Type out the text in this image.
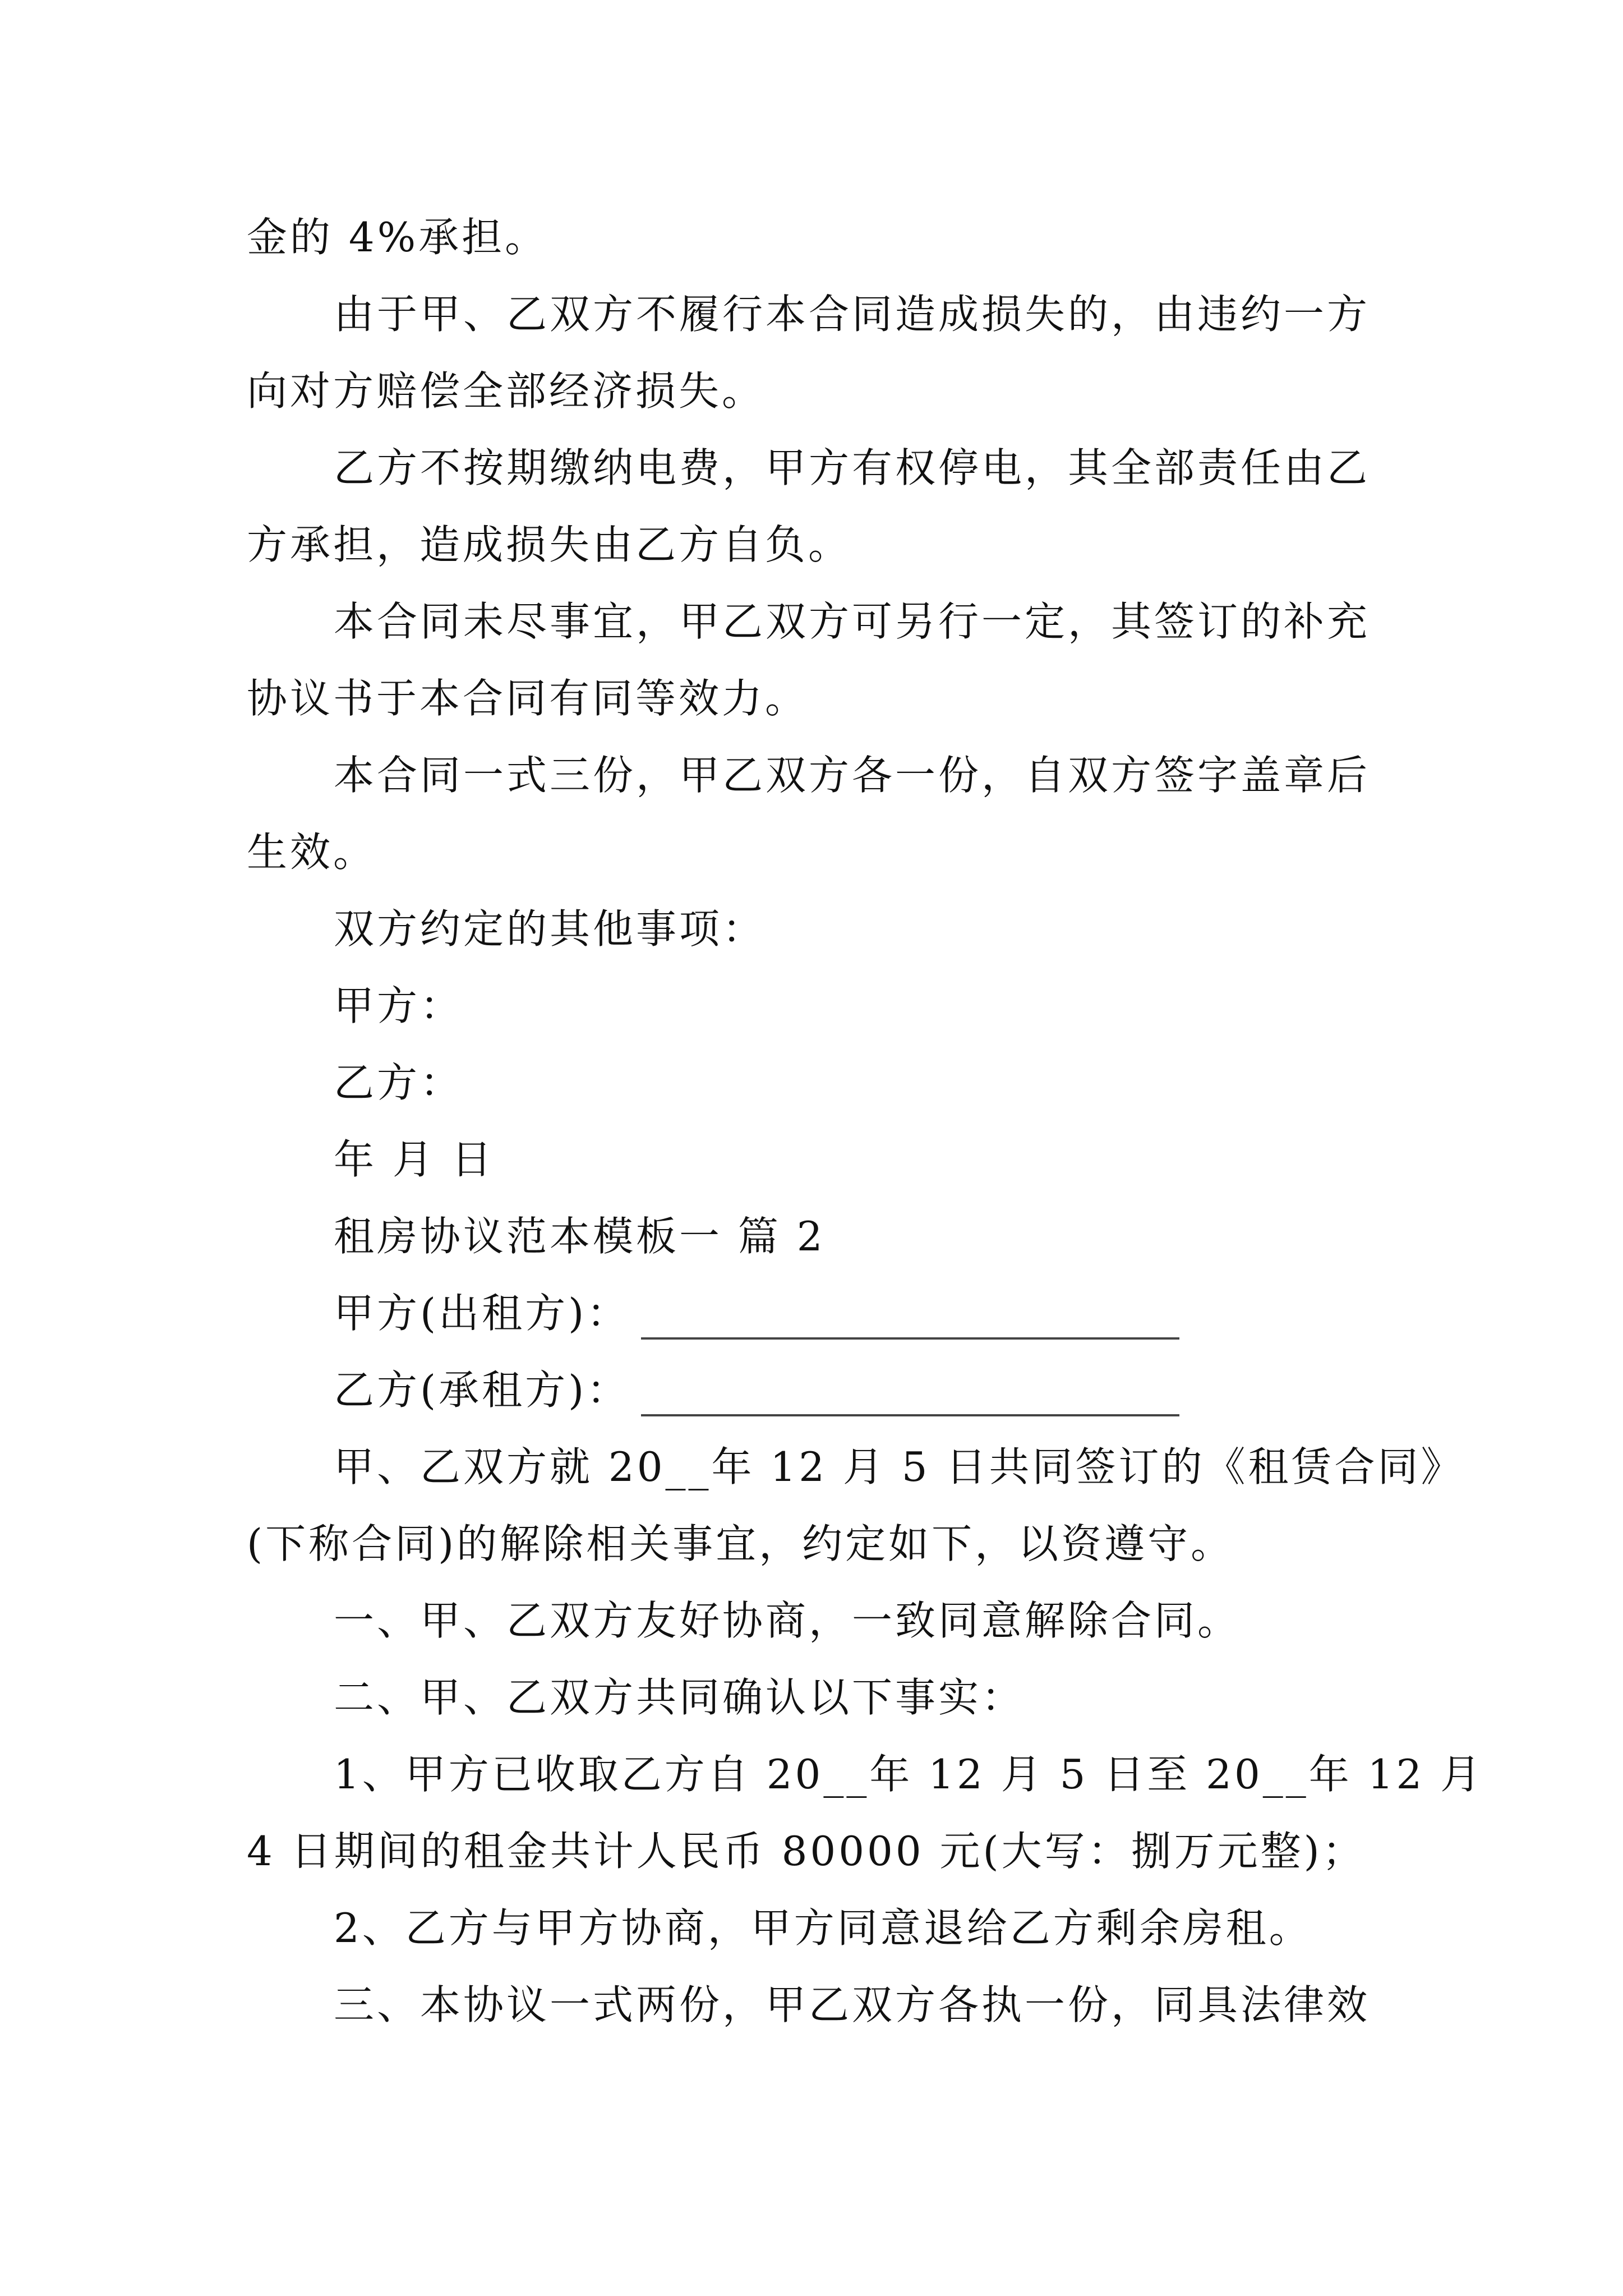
金的 4%承担。
由于甲、乙双方不履行本合同造成损失的，由违约一方
向对方赔偿全部经济损失。
乙方不按期缴纳电费，甲方有权停电，其全部责任由乙
方承担，造成损失由乙方自负。
本合同未尽事宜，甲乙双方可另行一定，其签订的补充
协议书于本合同有同等效力。
本合同一式三份，甲乙双方各一份，自双方签字盖章后
生效。
双方约定的其他事项：
甲方：
乙方：
年 月 日
租房协议范本模板一 篇 2
甲方(出租方)：
乙方(承租方)：
甲、乙双方就 20__年 12 月 5 日共同签订的《租赁合同》
(下称合同)的解除相关事宜，约定如下，以资遵守。
一、甲、乙双方友好协商，一致同意解除合同。
二、甲、乙双方共同确认以下事实：
1、甲方已收取乙方自 20__年 12 月 5 日至 20__年 12 月
4 日期间的租金共计人民币 80000 元(大写：捌万元整)；
2、乙方与甲方协商，甲方同意退给乙方剩余房租。
三、本协议一式两份，甲乙双方各执一份，同具法律效
